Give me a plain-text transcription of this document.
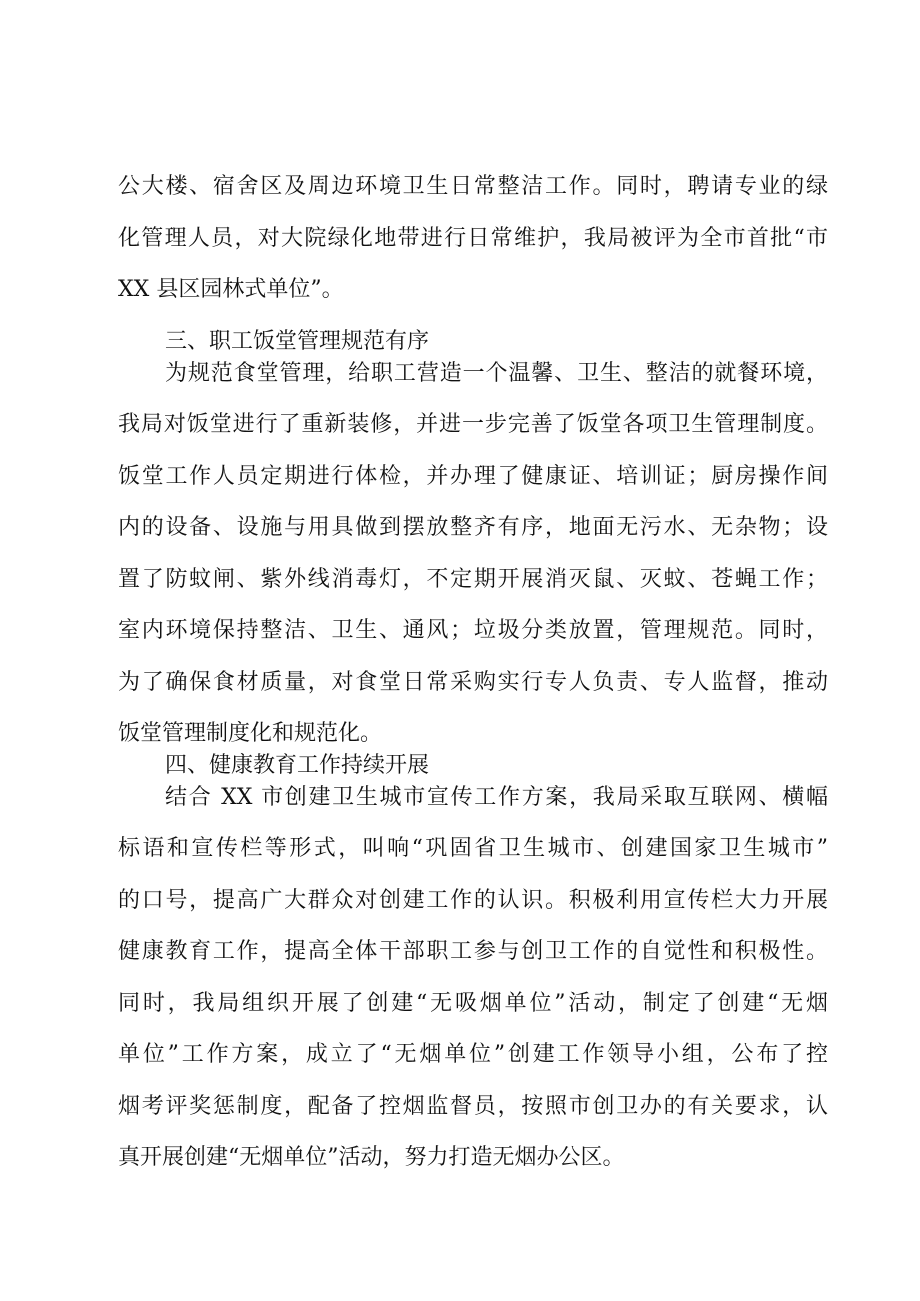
公大楼、宿舍区及周边环境卫生日常整洁工作。同时，聘请专业的绿
化管理人员，对大院绿化地带进行日常维护，我局被评为全市首批“市
XX 县区园林式单位”。
三、职工饭堂管理规范有序
为规范食堂管理，给职工营造一个温馨、卫生、整洁的就餐环境，
我局对饭堂进行了重新装修，并进一步完善了饭堂各项卫生管理制度。
饭堂工作人员定期进行体检，并办理了健康证、培训证；厨房操作间
内的设备、设施与用具做到摆放整齐有序，地面无污水、无杂物；设
置了防蚊闸、紫外线消毒灯，不定期开展消灭鼠、灭蚊、苍蝇工作；
室内环境保持整洁、卫生、通风；垃圾分类放置，管理规范。同时，
为了确保食材质量，对食堂日常采购实行专人负责、专人监督，推动
饭堂管理制度化和规范化。
四、健康教育工作持续开展
结合 XX 市创建卫生城市宣传工作方案，我局采取互联网、横幅
标语和宣传栏等形式，叫响“巩固省卫生城市、创建国家卫生城市”
的口号，提高广大群众对创建工作的认识。积极利用宣传栏大力开展
健康教育工作，提高全体干部职工参与创卫工作的自觉性和积极性。
同时，我局组织开展了创建“无吸烟单位”活动，制定了创建“无烟
单位”工作方案，成立了“无烟单位”创建工作领导小组，公布了控
烟考评奖惩制度，配备了控烟监督员，按照市创卫办的有关要求，认
真开展创建“无烟单位”活动，努力打造无烟办公区。
